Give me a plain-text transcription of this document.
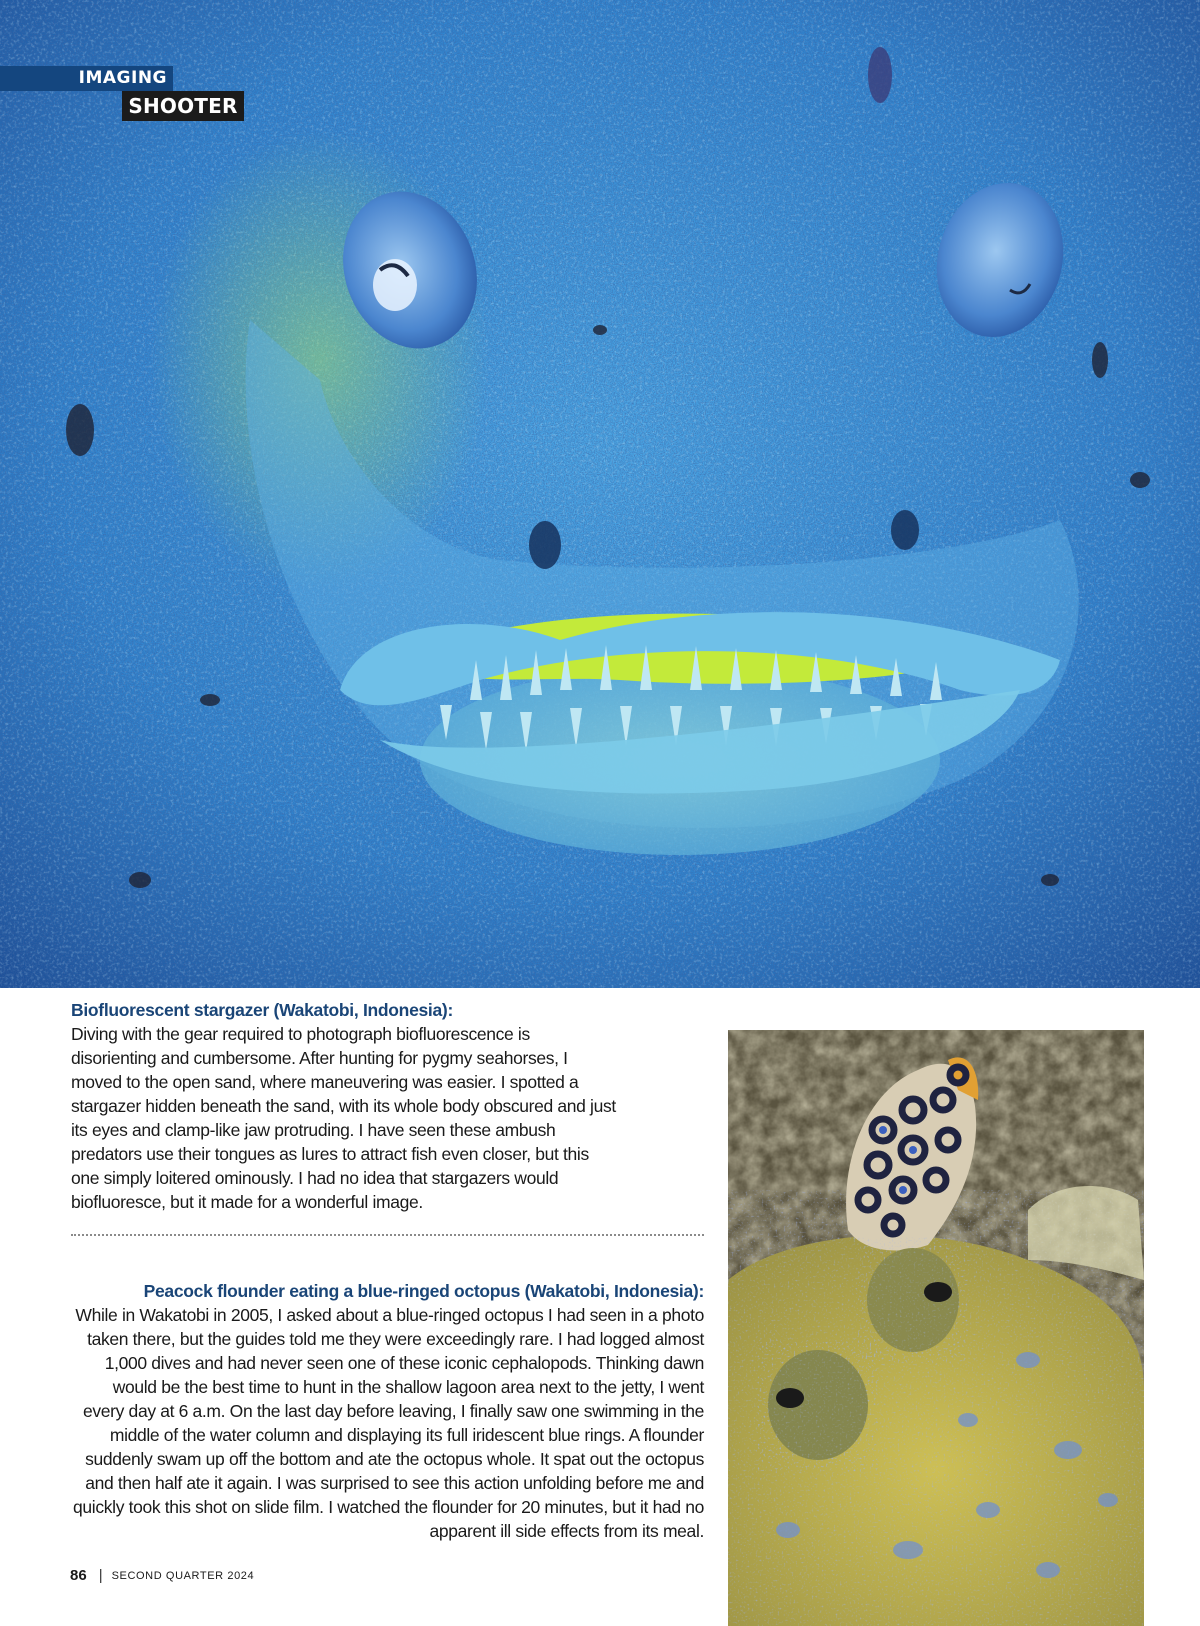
IMAGING
SHOOTER

Biofluorescent stargazer (Wakatobi, Indonesia):

Diving with the gear required to photograph biofluorescence is disorienting and cumbersome. After hunting for pygmy seahorses, I moved to the open sand, where maneuvering was easier. I spotted a stargazer hidden beneath the sand, with its whole body obscured and just its eyes and clamp-like jaw protruding. I have seen these ambush predators use their tongues as lures to attract fish even closer, but this one simply loitered ominously. I had no idea that stargazers would biofluoresce, but it made for a wonderful image.

Peacock flounder eating a blue-ringed octopus (Wakatobi, Indonesia):

While in Wakatobi in 2005, I asked about a blue-ringed octopus I had seen in a photo taken there, but the guides told me they were exceedingly rare. I had logged almost 1,000 dives and had never seen one of these iconic cephalopods. Thinking dawn would be the best time to hunt in the shallow lagoon area next to the jetty, I went every day at 6 a.m. On the last day before leaving, I finally saw one swimming in the middle of the water column and displaying its full iridescent blue rings. A flounder suddenly swam up off the bottom and ate the octopus whole. It spat out the octopus and then half ate it again. I was surprised to see this action unfolding before me and quickly took this shot on slide film. I watched the flounder for 20 minutes, but it had no apparent ill side effects from its meal.

86 | SECOND QUARTER 2024
